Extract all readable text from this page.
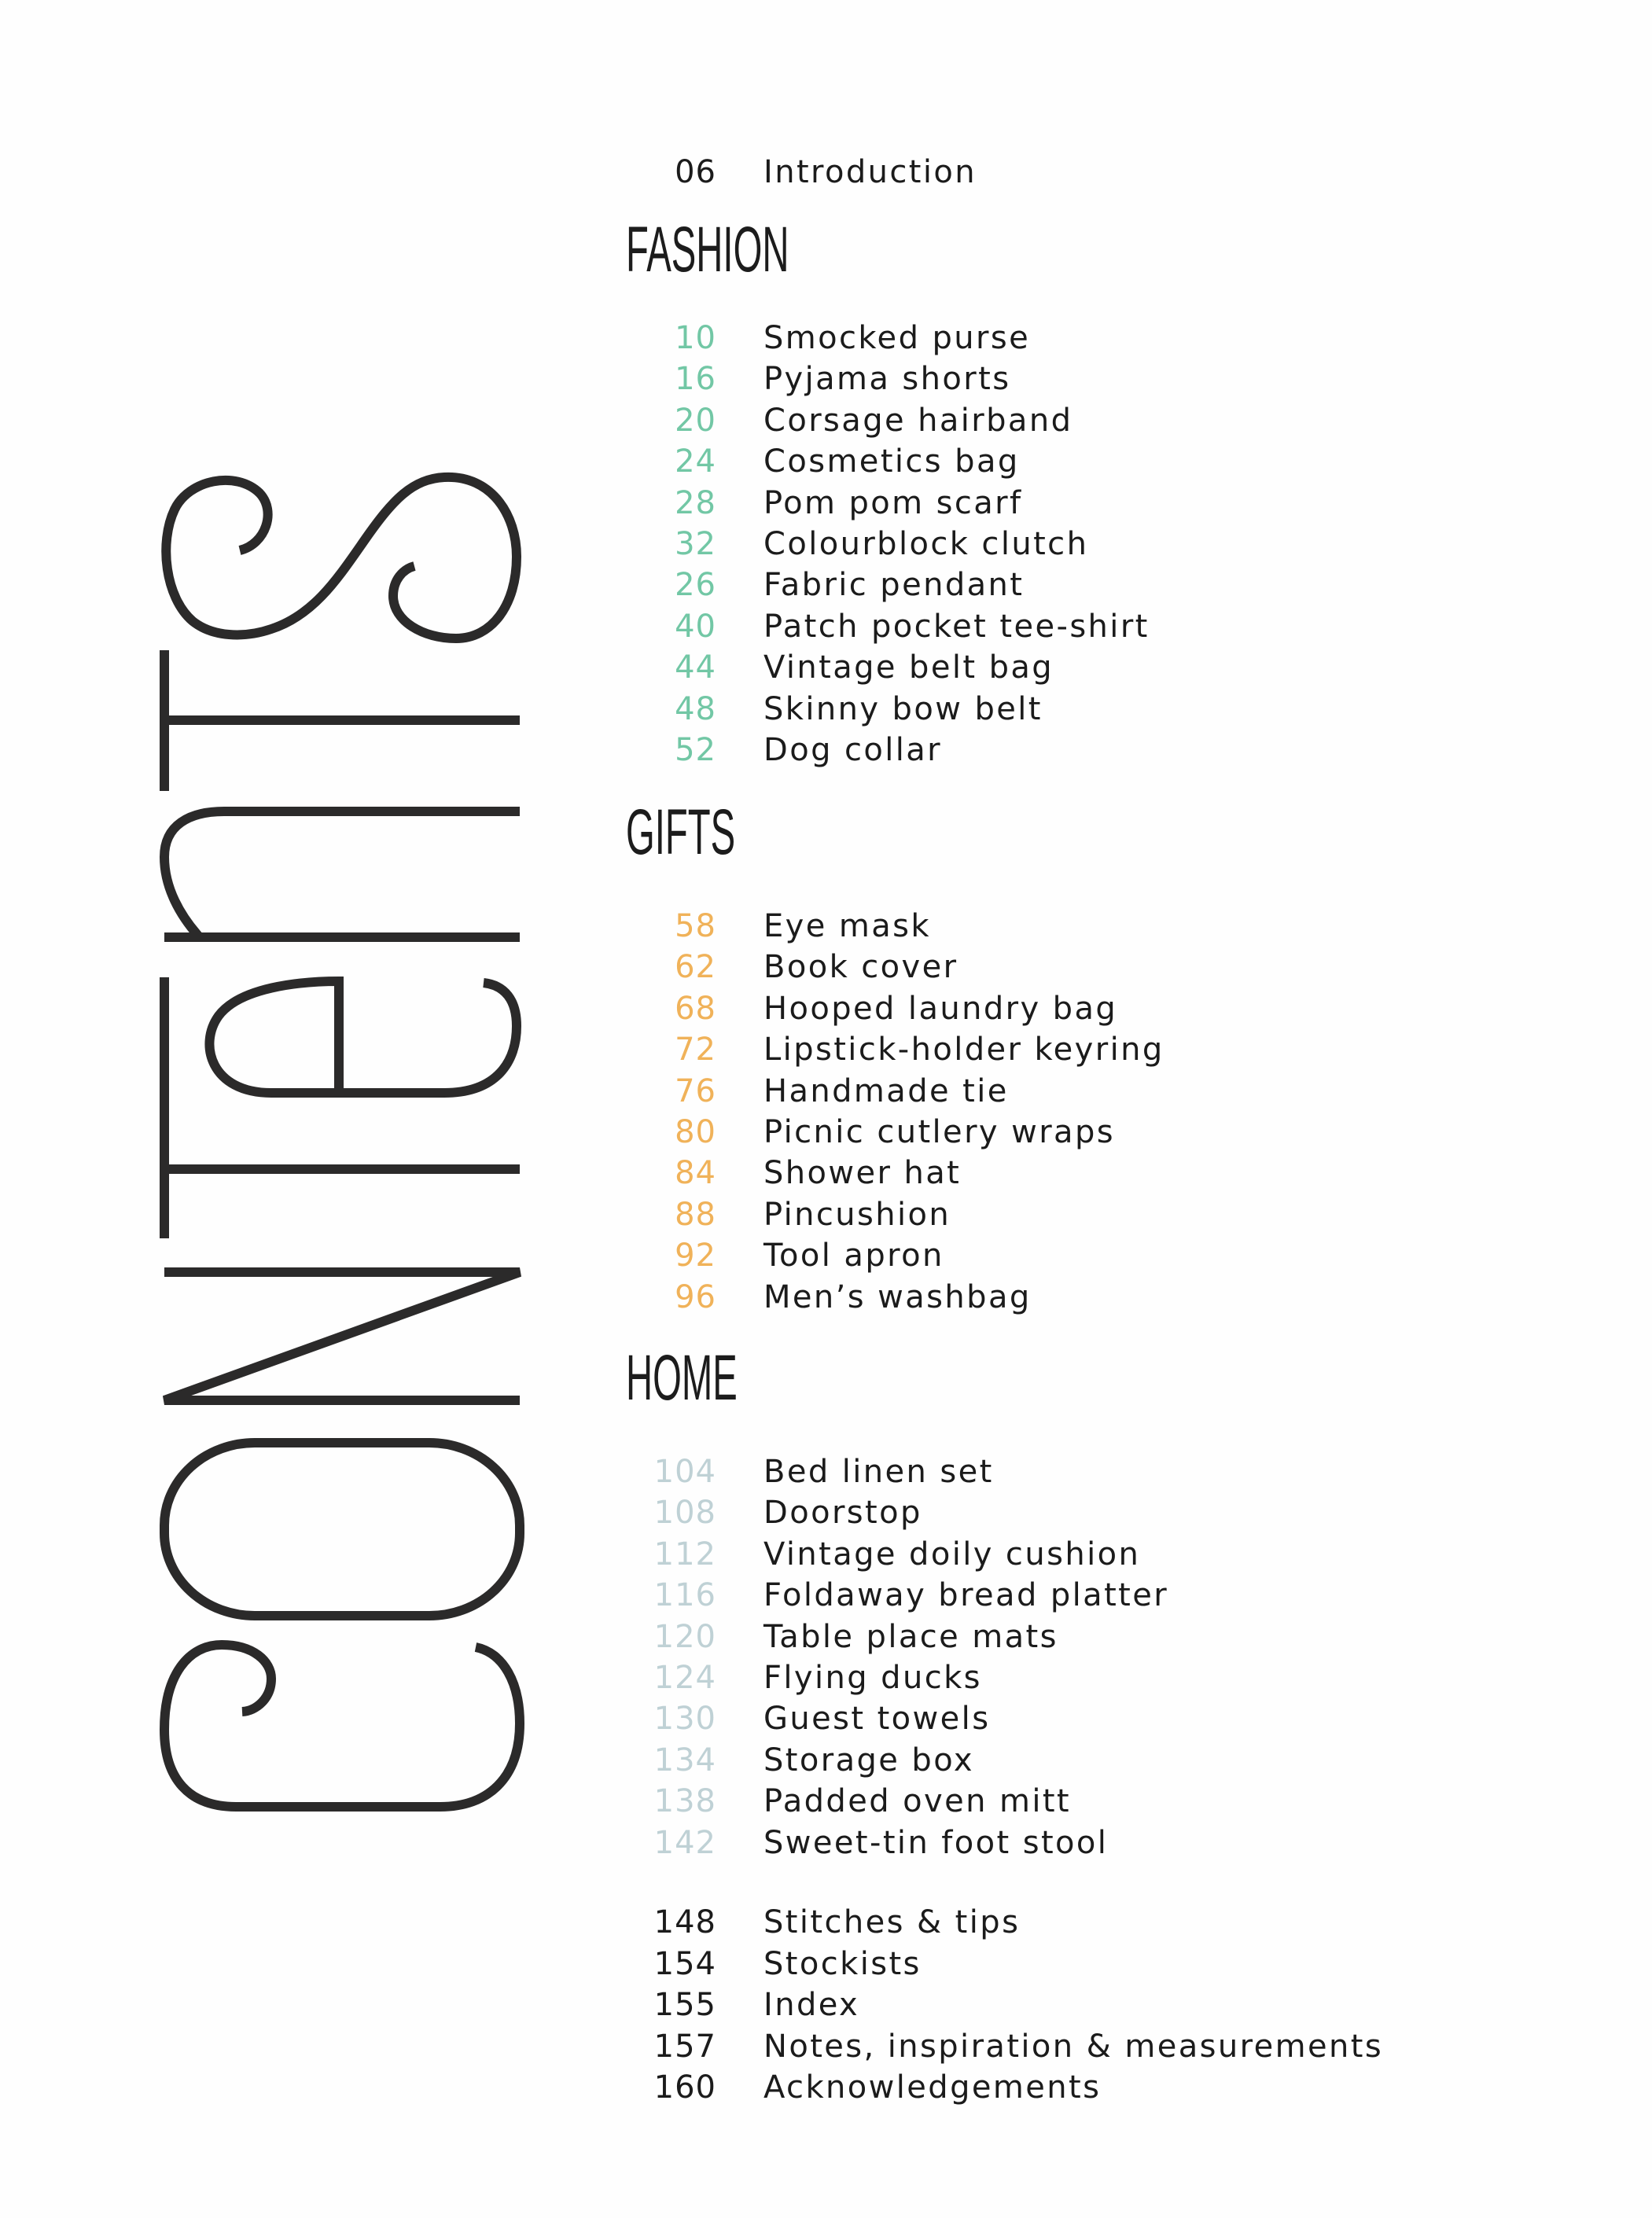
06 Introduction
FASHION
10 Smocked purse
16 Pyjama shorts
20 Corsage hairband
24 Cosmetics bag
28 Pom pom scarf
32 Colourblock clutch
26 Fabric pendant
40 Patch pocket tee-shirt
44 Vintage belt bag
48 Skinny bow belt
52 Dog collar
GIFTS
58 Eye mask
62 Book cover
68 Hooped laundry bag
72 Lipstick-holder keyring
76 Handmade tie
80 Picnic cutlery wraps
84 Shower hat
88 Pincushion
92 Tool apron
96 Men’s washbag
HOME
104 Bed linen set
108 Doorstop
112 Vintage doily cushion
116 Foldaway bread platter
120 Table place mats
124 Flying ducks
130 Guest towels
134 Storage box
138 Padded oven mitt
142 Sweet-tin foot stool
148 Stitches & tips
154 Stockists
155 Index
157 Notes, inspiration & measurements
160 Acknowledgements
